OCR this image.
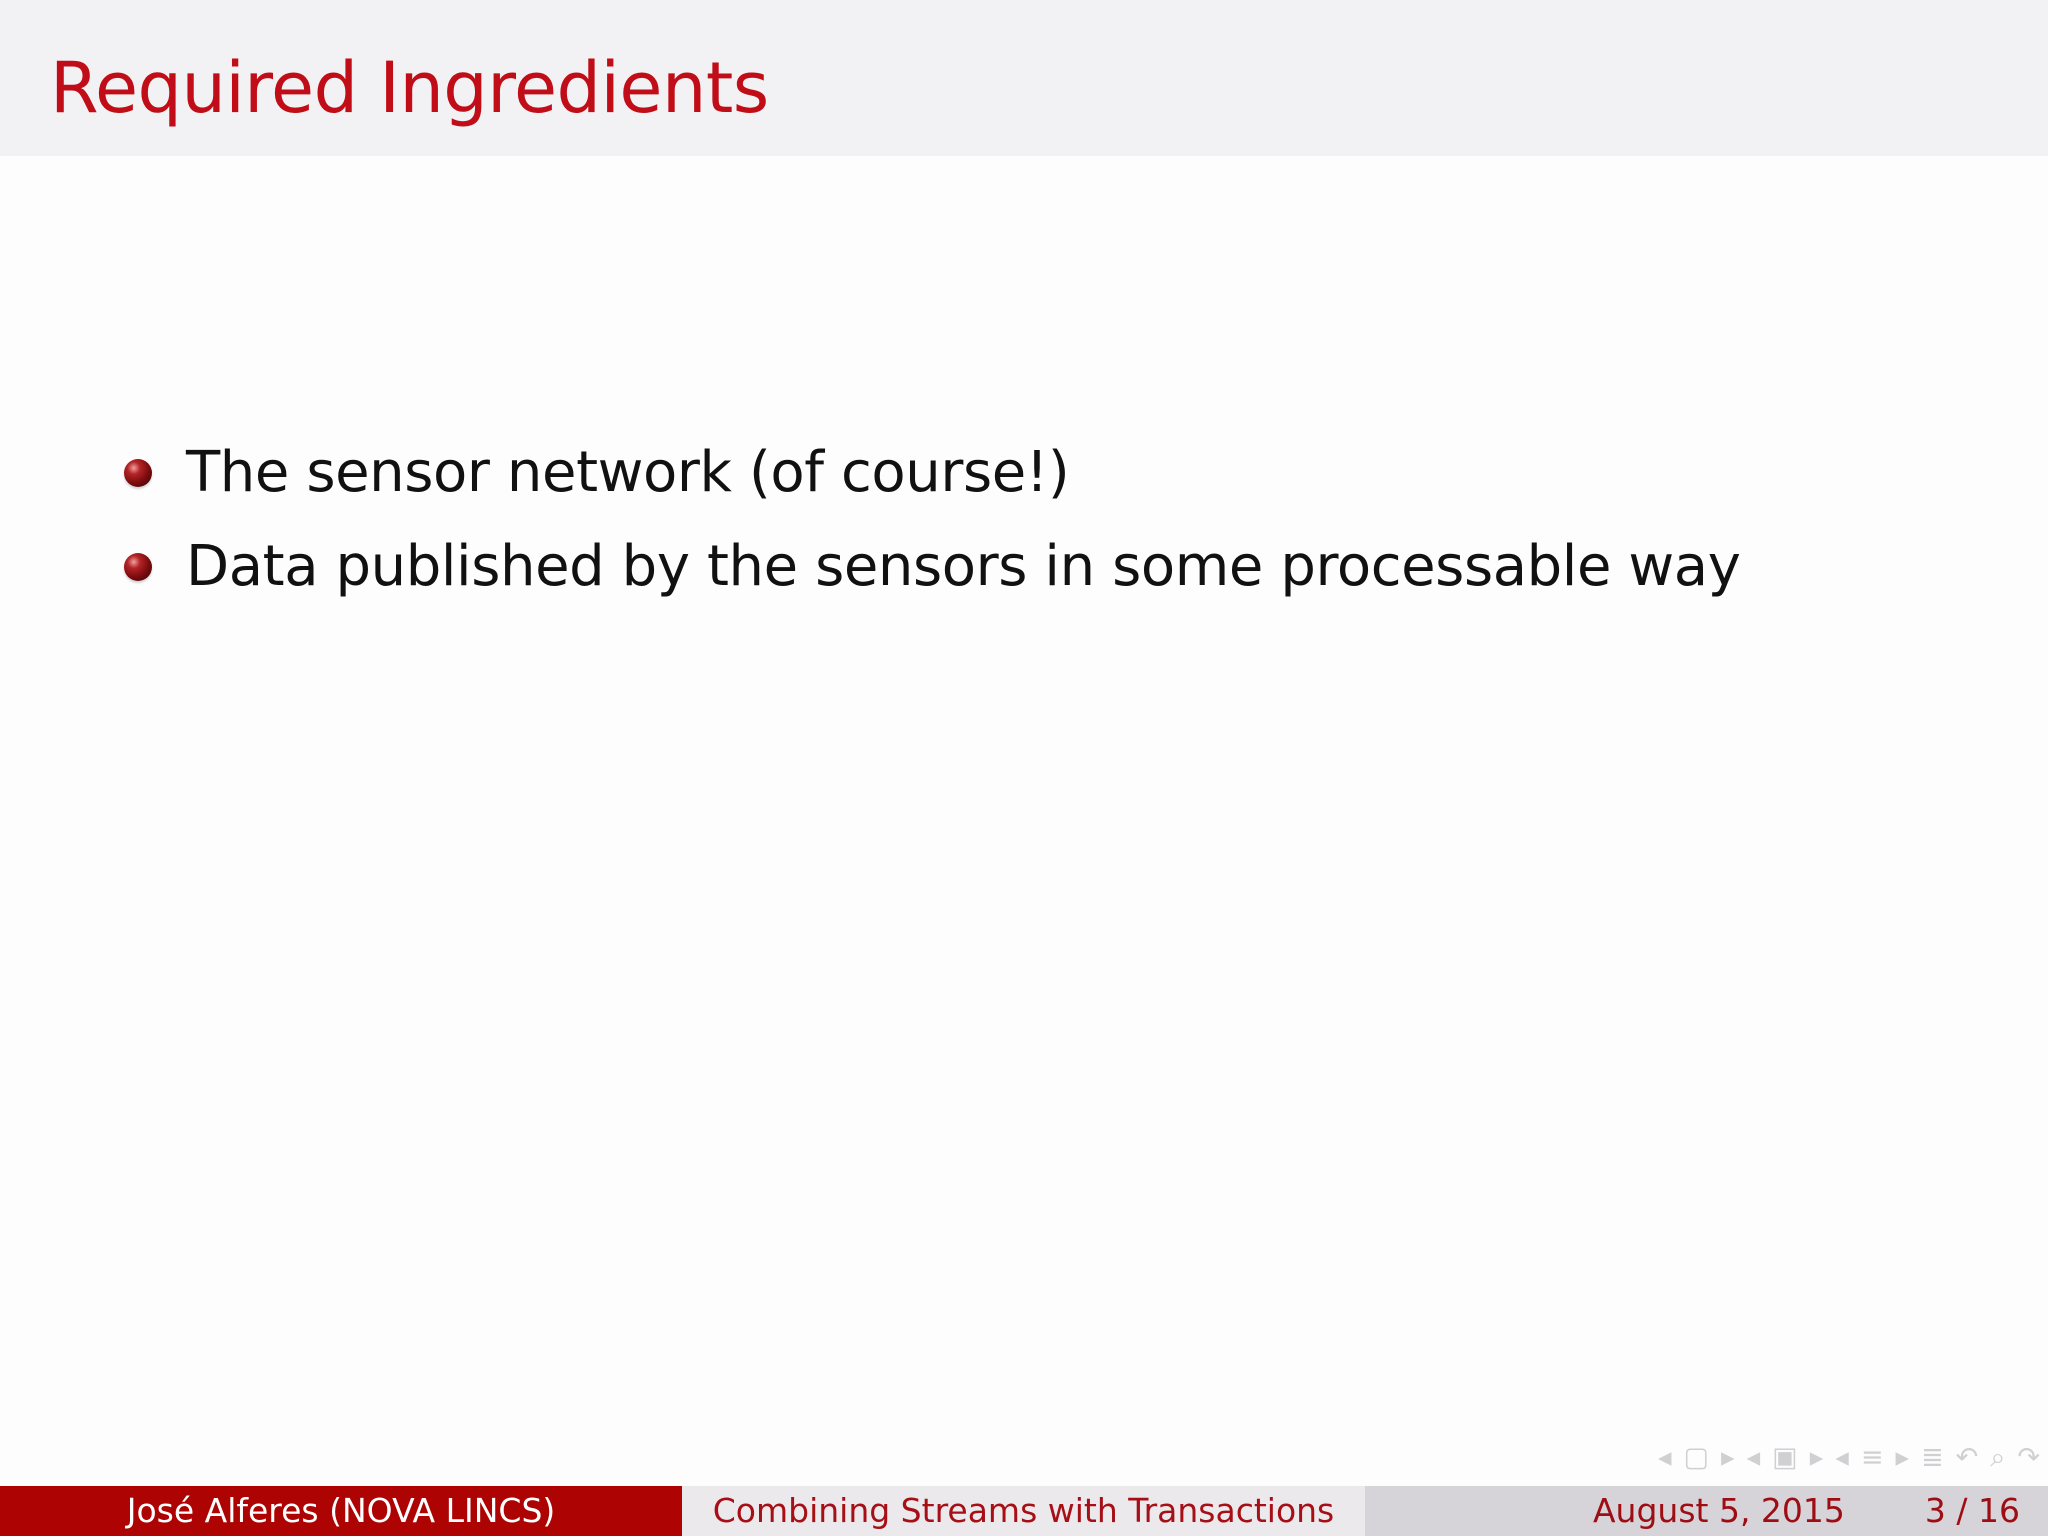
Required Ingredients
The sensor network (of course!)
Data published by the sensors in some processable way
◂ ▢ ▸ ◂ ▣ ▸ ◂ ≡ ▸ ≣ ↶ ⌕ ↷
José Alferes (NOVA LINCS)	Combining Streams with Transactions	August 5, 2015 3 / 16
